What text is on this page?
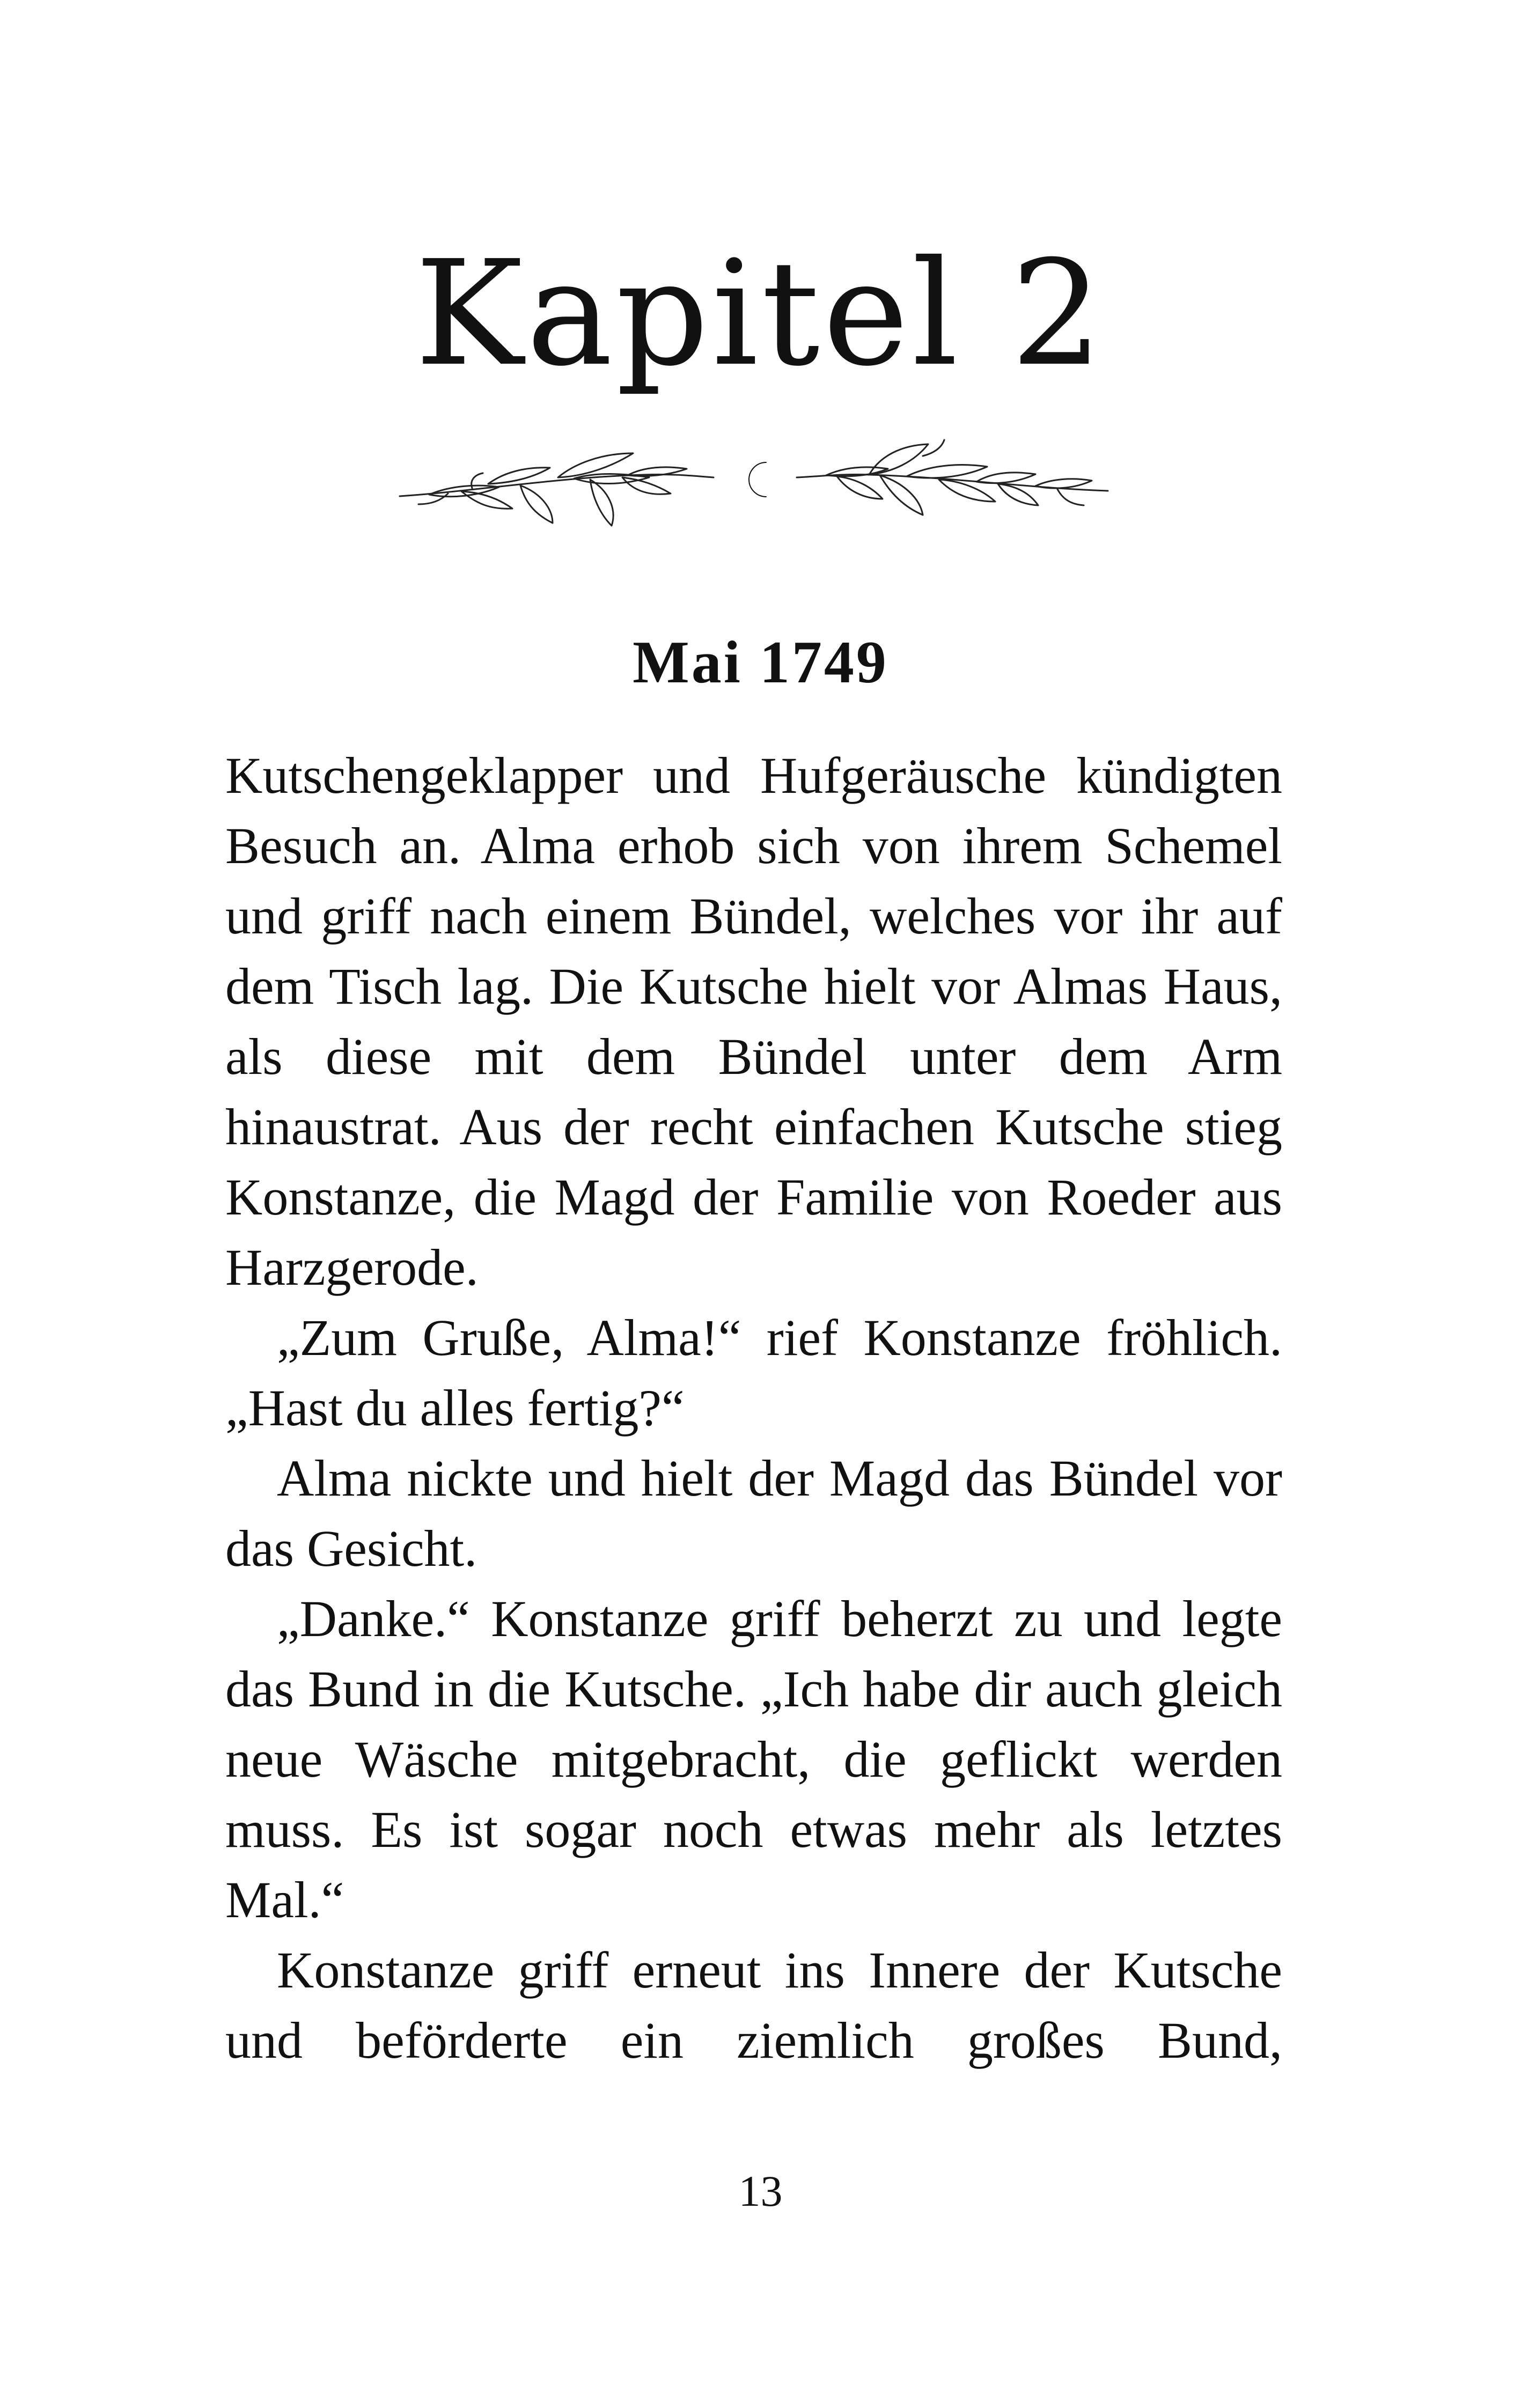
Kapitel 2
Mai 1749

Kutschengeklapper und Hufgeräusche kündigten Besuch an. Alma erhob sich von ihrem Schemel und griff nach einem Bündel, welches vor ihr auf dem Tisch lag. Die Kutsche hielt vor Almas Haus, als diese mit dem Bündel unter dem Arm hinaustrat. Aus der recht einfachen Kutsche stieg Konstanze, die Magd der Familie von Roeder aus Harzgerode.

„Zum Gruße, Alma!“ rief Konstanze fröhlich. „Hast du alles fertig?“

Alma nickte und hielt der Magd das Bündel vor das Gesicht.

„Danke.“ Konstanze griff beherzt zu und legte das Bund in die Kutsche. „Ich habe dir auch gleich neue Wäsche mitgebracht, die geflickt werden muss. Es ist sogar noch etwas mehr als letztes Mal.“

Konstanze griff erneut ins Innere der Kutsche und beförderte ein ziemlich großes Bund,

13
